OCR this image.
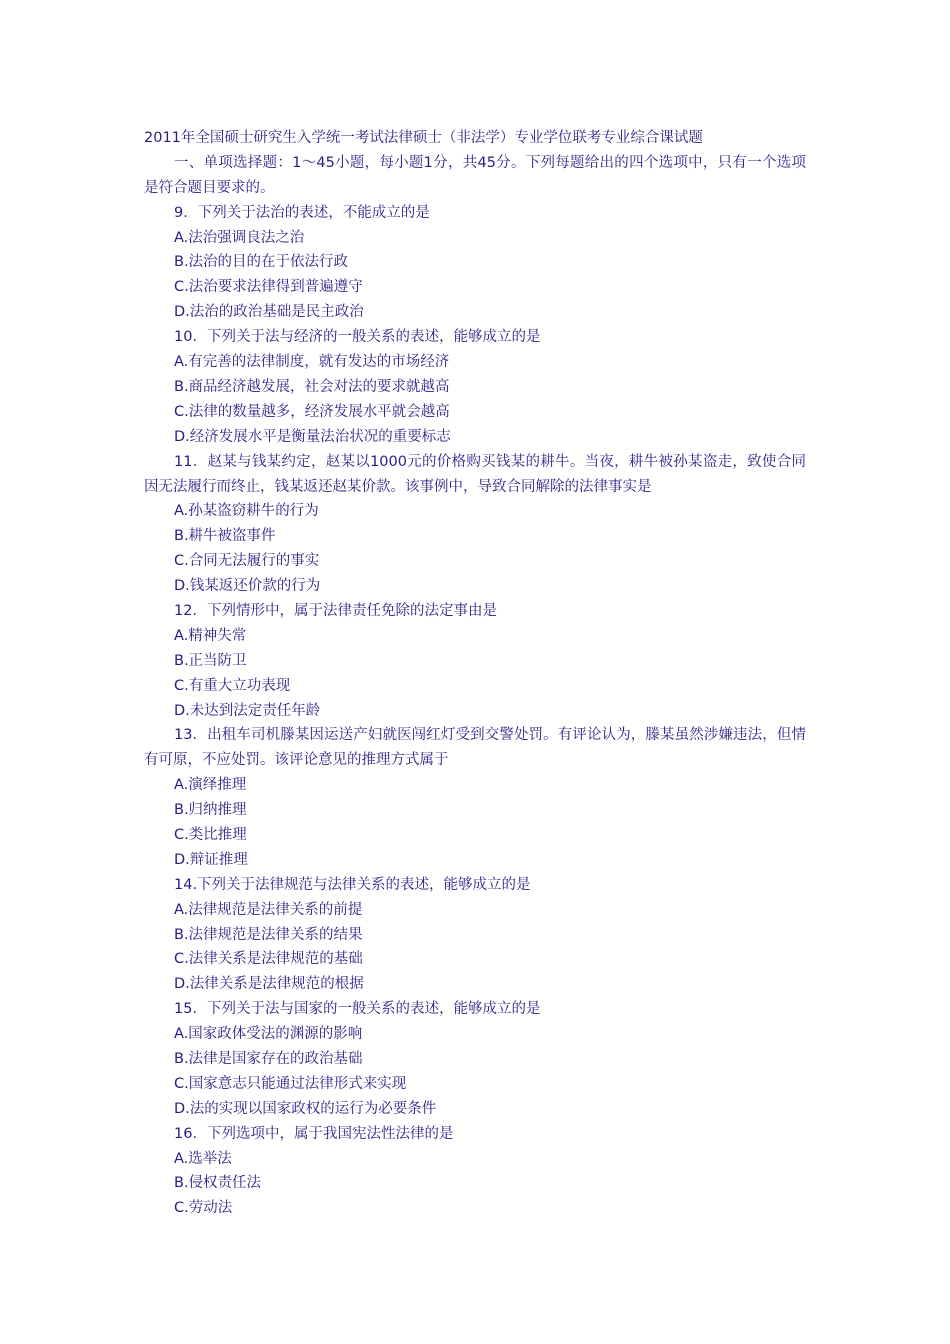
2011年全国硕士研究生入学统一考试法律硕士（非法学）专业学位联考专业综合课试题
一、单项选择题：1～45小题，每小题1分，共45分。下列每题给出的四个选项中，只有一个选项是符合题目要求的。
9．下列关于法治的表述，不能成立的是
A.法治强调良法之治
B.法治的目的在于依法行政
C.法治要求法律得到普遍遵守
D.法治的政治基础是民主政治
10．下列关于法与经济的一般关系的表述，能够成立的是
A.有完善的法律制度，就有发达的市场经济
B.商品经济越发展，社会对法的要求就越高
C.法律的数量越多，经济发展水平就会越高
D.经济发展水平是衡量法治状况的重要标志
11．赵某与钱某约定，赵某以1000元的价格购买钱某的耕牛。当夜，耕牛被孙某盗走，致使合同因无法履行而终止，钱某返还赵某价款。该事例中，导致合同解除的法律事实是
A.孙某盗窃耕牛的行为
B.耕牛被盗事件
C.合同无法履行的事实
D.钱某返还价款的行为
12．下列情形中，属于法律责任免除的法定事由是
A.精神失常
B.正当防卫
C.有重大立功表现
D.未达到法定责任年龄
13．出租车司机滕某因运送产妇就医闯红灯受到交警处罚。有评论认为，滕某虽然涉嫌违法，但情有可原，不应处罚。该评论意见的推理方式属于
A.演绎推理
B.归纳推理
C.类比推理
D.辩证推理
14.下列关于法律规范与法律关系的表述，能够成立的是
A.法律规范是法律关系的前提
B.法律规范是法律关系的结果
C.法律关系是法律规范的基础
D.法律关系是法律规范的根据
15．下列关于法与国家的一般关系的表述，能够成立的是
A.国家政体受法的渊源的影响
B.法律是国家存在的政治基础
C.国家意志只能通过法律形式来实现
D.法的实现以国家政权的运行为必要条件
16．下列选项中，属于我国宪法性法律的是
A.选举法
B.侵权责任法
C.劳动法
